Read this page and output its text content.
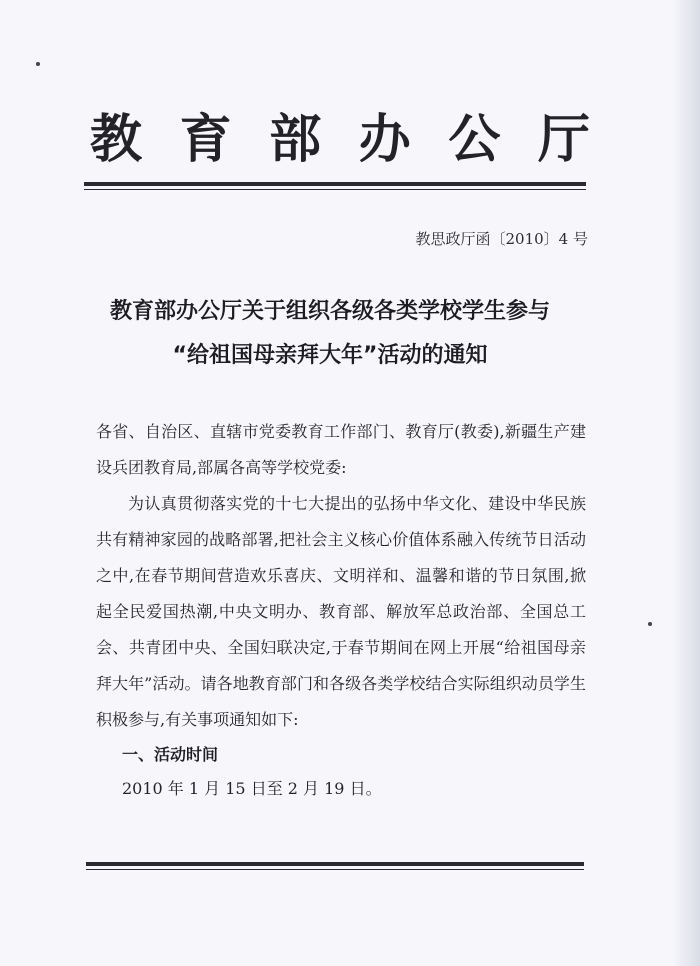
教 育 部 办 公 厅
教思政厅函〔2010〕4 号
教育部办公厅关于组织各级各类学校学生参与
“给祖国母亲拜大年”活动的通知
各省、自治区、直辖市党委教育工作部门、教育厅(教委),新疆生产建设兵团教育局,部属各高等学校党委:
为认真贯彻落实党的十七大提出的弘扬中华文化、建设中华民族共有精神家园的战略部署,把社会主义核心价值体系融入传统节日活动之中,在春节期间营造欢乐喜庆、文明祥和、温馨和谐的节日氛围,掀起全民爱国热潮,中央文明办、教育部、解放军总政治部、全国总工会、共青团中央、全国妇联决定,于春节期间在网上开展“给祖国母亲拜大年”活动。请各地教育部门和各级各类学校结合实际组织动员学生积极参与,有关事项通知如下:
一、活动时间
2010 年 1 月 15 日至 2 月 19 日。
